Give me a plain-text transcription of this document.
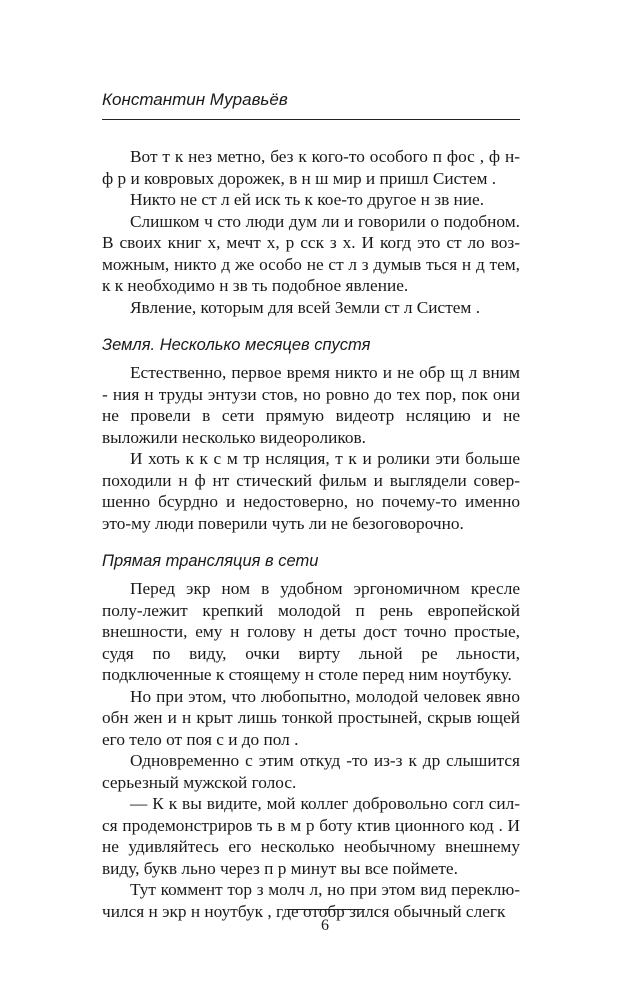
Константин Муравьёв

Вот т к нез метно, без к кого-то особого п фос , ф н-ф р и ковровых дорожек, в н ш мир и пришл Систем .

Никто не ст л ей иск ть к кое-то другое н зв ние.

Слишком ч сто люди дум ли и говорили о подобном. В своих книг х, мечт х, р сск з х. И когд это ст ло воз-можным, никто д же особо не ст л з думыв ться н д тем, к к необходимо н зв ть подобное явление.

Явление, которым для всей Земли ст л Систем .

Земля. Несколько месяцев спустя

Естественно, первое время никто и не обр щ л вним - ния н труды энтузи стов, но ровно до тех пор, пок они не провели в сети прямую видеотр нсляцию и не выложили несколько видеороликов.

И хоть к к с м тр нсляция, т к и ролики эти больше походили н ф нт стический фильм и выглядели совер-шенно бсурдно и недостоверно, но почему-то именно это-му люди поверили чуть ли не безоговорочно.

Прямая трансляция в сети

Перед экр ном в удобном эргономичном кресле полу-лежит крепкий молодой п рень европейской внешности, ему н голову н деты дост точно простые, судя по виду, очки вирту льной ре льности, подключенные к стоящему н столе перед ним ноутбуку.

Но при этом, что любопытно, молодой человек явно обн жен и н крыт лишь тонкой простыней, скрыв ющей его тело от поя с и до пол .

Одновременно с этим откуд -то из-з к др слышится серьезный мужской голос.

— К к вы видите, мой коллег добровольно согл сил-ся продемонстриров ть в м р боту ктив ционного код . И не удивляйтесь его несколько необычному внешнему виду, букв льно через п р минут вы все поймете.

Тут коммент тор з молч л, но при этом вид переклю-чился н экр н ноутбук , где отобр зился обычный слегк

6
